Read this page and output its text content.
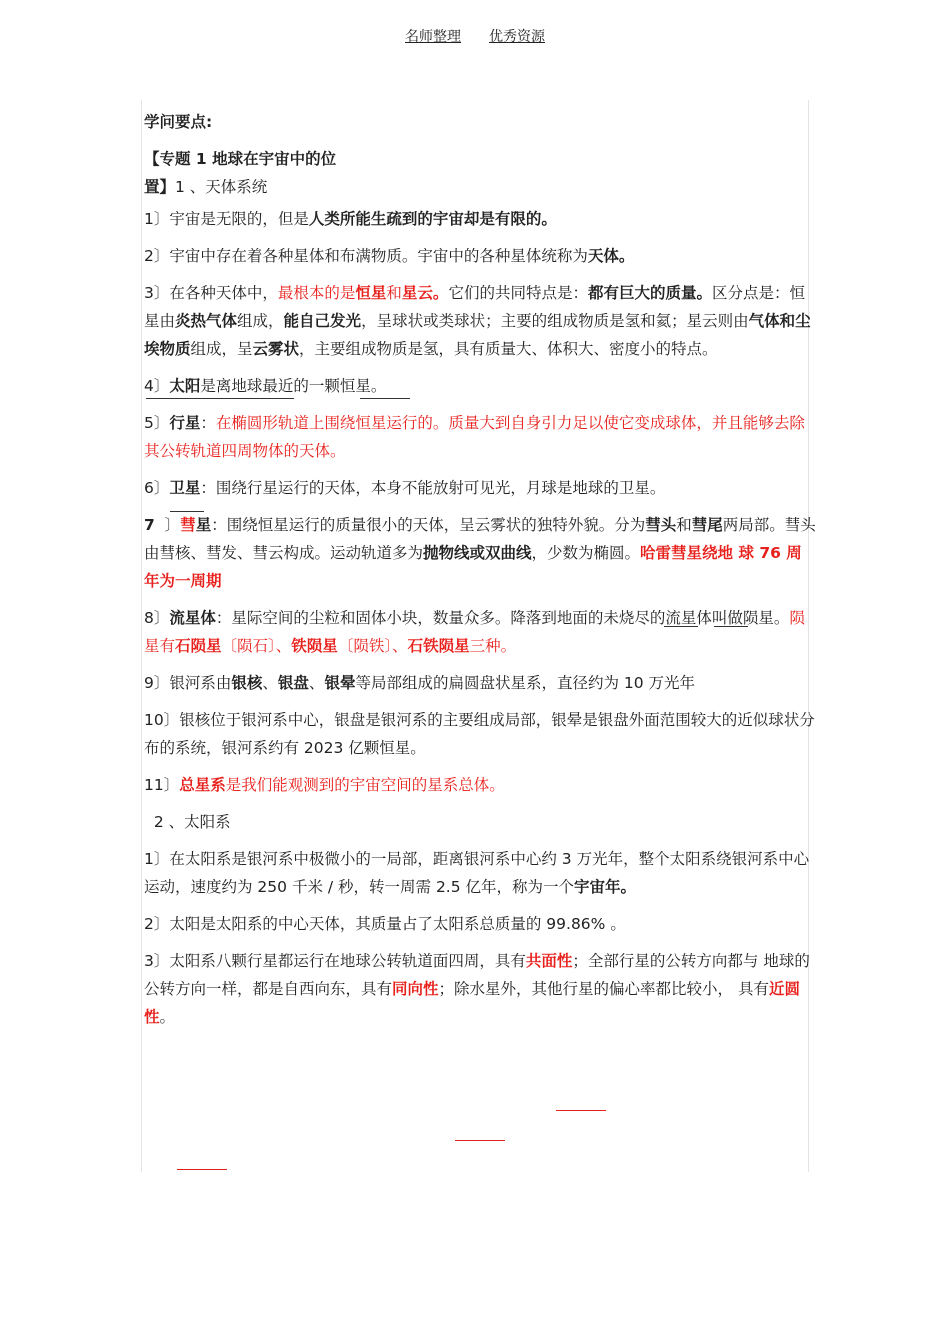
名师整理 优秀资源

学问要点:

【专题 1 地球在宇宙中的位
置】1 、天体系统

1〕宇宙是无限的，但是人类所能生疏到的宇宙却是有限的。

2〕宇宙中存在着各种星体和布满物质。宇宙中的各种星体统称为天体。

3〕在各种天体中，最根本的是恒星和星云。它们的共同特点是：都有巨大的质量。区分点是：恒星由炎热气体组成，能自己发光，呈球状或类球状；主要的组成物质是氢和氦；星云则由气体和尘埃物质组成，呈云雾状，主要组成物质是氢，具有质量大、体积大、密度小的特点。

4〕太阳是离地球最近的一颗恒星。

5〕行星：在椭圆形轨道上围绕恒星运行的。质量大到自身引力足以使它变成球体，并且能够去除其公转轨道四周物体的天体。

6〕卫星：围绕行星运行的天体，本身不能放射可见光，月球是地球的卫星。

7 〕彗星：围绕恒星运行的质量很小的天体，呈云雾状的独特外貌。分为彗头和彗尾两局部。彗头由彗核、彗发、彗云构成。运动轨道多为抛物线或双曲线，少数为椭圆。哈雷彗星绕地 球 76 周年为一周期

8〕流星体：星际空间的尘粒和固体小块，数量众多。降落到地面的未烧尽的流星体叫做陨星。陨星有石陨星〔陨石〕、铁陨星〔陨铁〕、石铁陨星三种。

9〕银河系由银核、银盘、银晕等局部组成的扁圆盘状星系，直径约为 10 万光年

10〕银核位于银河系中心，银盘是银河系的主要组成局部，银晕是银盘外面范围较大的近似球状分布的系统，银河系约有 2023 亿颗恒星。

11〕总星系是我们能观测到的宇宙空间的星系总体。

2 、太阳系

1〕在太阳系是银河系中极微小的一局部，距离银河系中心约 3 万光年，整个太阳系绕银河系中心运动，速度约为 250 千米 / 秒，转一周需 2.5 亿年，称为一个宇宙年。

2〕太阳是太阳系的中心天体，其质量占了太阳系总质量的 99.86% 。

3〕太阳系八颗行星都运行在地球公转轨道面四周，具有共面性；全部行星的公转方向都与 地球的公转方向一样，都是自西向东，具有同向性；除水星外，其他行星的偏心率都比较小， 具有近圆性。
